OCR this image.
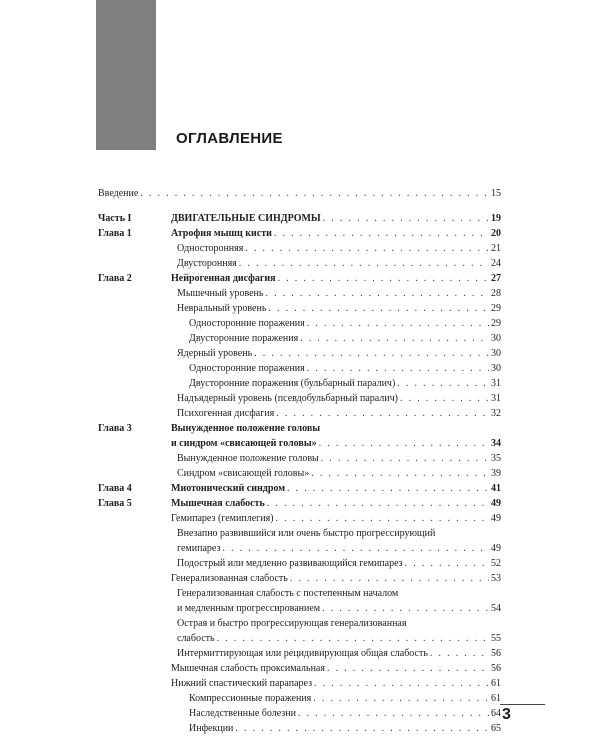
ОГЛАВЛЕНИЕ
Введение . . .	15
Часть I	ДВИГАТЕЛЬНЫЕ СИНДРОМЫ . . .	19
Глава 1	Атрофия мышц кисти . . .	20
Односторонняя . . .	21
Двусторонняя . . .	24
Глава 2	Нейрогенная дисфагия . . .	27
Мышечный уровень . . .	28
Невральный уровень . . .	29
Односторонние поражения . . .	29
Двусторонние поражения . . .	30
Ядерный уровень . . .	30
Односторонние поражения . . .	30
Двусторонние поражения (бульбарный паралич) . . .	31
Надъядерный уровень (псевдобульбарный паралич) . . .	31
Психогенная дисфагия . . .	32
Глава 3	Вынужденное положение головы
и синдром «свисающей головы» . . .	34
Вынужденное положение головы . . .	35
Синдром «свисающей головы» . . .	39
Глава 4	Миотонический синдром . . .	41
Глава 5	Мышечная слабость . . .	49
Гемипарез (гемиплегия) . . .	49
Внезапно развившийся или очень быстро прогрессирующий
гемипарез . . .	49
Подострый или медленно развивающийся гемипарез . . .	52
Генерализованная слабость . . .	53
Генерализованная слабость с постепенным началом
и медленным прогрессированием . . .	54
Острая и быстро прогрессирующая генерализованная
слабость . . .	55
Интермиттирующая или рецидивирующая общая слабость . . .	56
Мышечная слабость проксимальная . . .	56
Нижний спастический парапарез . . .	61
Компрессионные поражения . . .	61
Наследственные болезни . . .	64
Инфекции . . .	65
3
